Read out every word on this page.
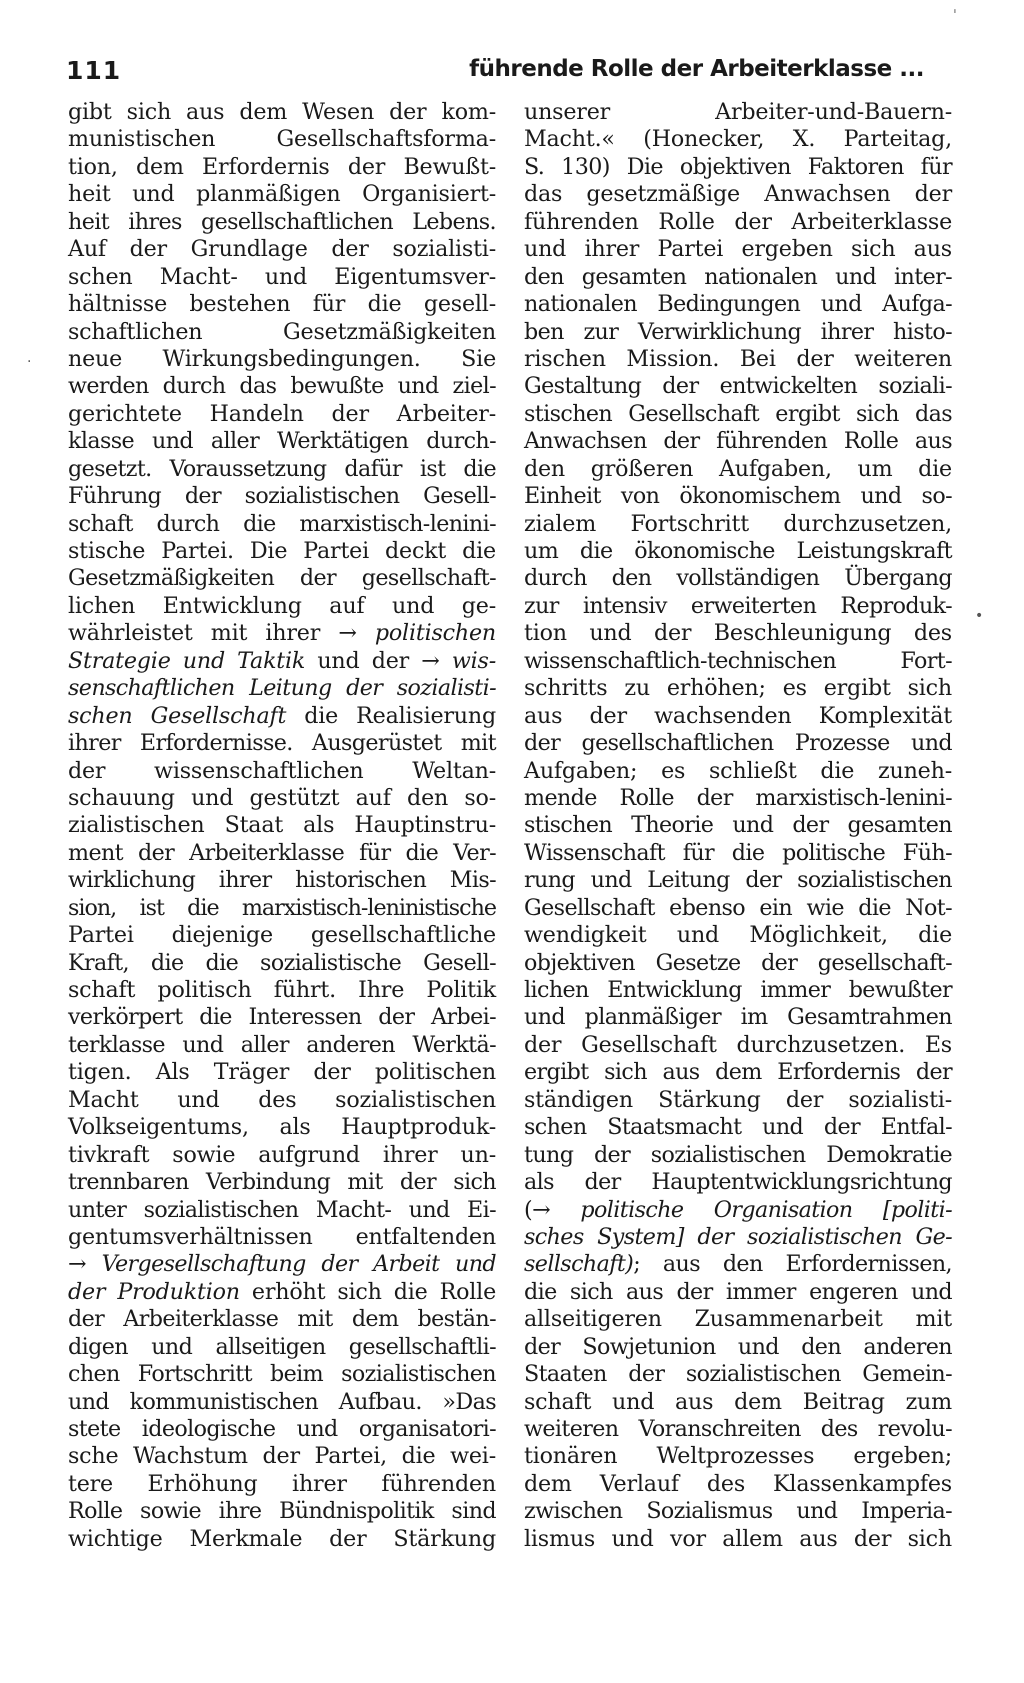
111	führende Rolle der Arbeiterklasse ...
gibt sich aus dem Wesen der kom-
munistischen Gesellschaftsforma-
tion, dem Erfordernis der Bewußt-
heit und planmäßigen Organisiert-
heit ihres gesellschaftlichen Lebens.
Auf der Grundlage der sozialisti-
schen Macht- und Eigentumsver-
hältnisse bestehen für die gesell-
schaftlichen Gesetzmäßigkeiten
neue Wirkungsbedingungen. Sie
werden durch das bewußte und ziel-
gerichtete Handeln der Arbeiter-
klasse und aller Werktätigen durch-
gesetzt. Voraussetzung dafür ist die
Führung der sozialistischen Gesell-
schaft durch die marxistisch-lenini-
stische Partei. Die Partei deckt die
Gesetzmäßigkeiten der gesellschaft-
lichen Entwicklung auf und ge-
währleistet mit ihrer → politischen
Strategie und Taktik und der → wis-
senschaftlichen Leitung der sozialisti-
schen Gesellschaft die Realisierung
ihrer Erfordernisse. Ausgerüstet mit
der wissenschaftlichen Weltan-
schauung und gestützt auf den so-
zialistischen Staat als Hauptinstru-
ment der Arbeiterklasse für die Ver-
wirklichung ihrer historischen Mis-
sion, ist die marxistisch-leninistische
Partei diejenige gesellschaftliche
Kraft, die die sozialistische Gesell-
schaft politisch führt. Ihre Politik
verkörpert die Interessen der Arbei-
terklasse und aller anderen Werktä-
tigen. Als Träger der politischen
Macht und des sozialistischen
Volkseigentums, als Hauptproduk-
tivkraft sowie aufgrund ihrer un-
trennbaren Verbindung mit der sich
unter sozialistischen Macht- und Ei-
gentumsverhältnissen entfaltenden
→ Vergesellschaftung der Arbeit und
der Produktion erhöht sich die Rolle
der Arbeiterklasse mit dem bestän-
digen und allseitigen gesellschaftli-
chen Fortschritt beim sozialistischen
und kommunistischen Aufbau. »Das
stete ideologische und organisatori-
sche Wachstum der Partei, die wei-
tere Erhöhung ihrer führenden
Rolle sowie ihre Bündnispolitik sind
wichtige Merkmale der Stärkung
unserer Arbeiter-und-Bauern-
Macht.« (Honecker, X. Parteitag,
S. 130) Die objektiven Faktoren für
das gesetzmäßige Anwachsen der
führenden Rolle der Arbeiterklasse
und ihrer Partei ergeben sich aus
den gesamten nationalen und inter-
nationalen Bedingungen und Aufga-
ben zur Verwirklichung ihrer histo-
rischen Mission. Bei der weiteren
Gestaltung der entwickelten soziali-
stischen Gesellschaft ergibt sich das
Anwachsen der führenden Rolle aus
den größeren Aufgaben, um die
Einheit von ökonomischem und so-
zialem Fortschritt durchzusetzen,
um die ökonomische Leistungskraft
durch den vollständigen Übergang
zur intensiv erweiterten Reproduk-
tion und der Beschleunigung des
wissenschaftlich-technischen Fort-
schritts zu erhöhen; es ergibt sich
aus der wachsenden Komplexität
der gesellschaftlichen Prozesse und
Aufgaben; es schließt die zuneh-
mende Rolle der marxistisch-lenini-
stischen Theorie und der gesamten
Wissenschaft für die politische Füh-
rung und Leitung der sozialistischen
Gesellschaft ebenso ein wie die Not-
wendigkeit und Möglichkeit, die
objektiven Gesetze der gesellschaft-
lichen Entwicklung immer bewußter
und planmäßiger im Gesamtrahmen
der Gesellschaft durchzusetzen. Es
ergibt sich aus dem Erfordernis der
ständigen Stärkung der sozialisti-
schen Staatsmacht und der Entfal-
tung der sozialistischen Demokratie
als der Hauptentwicklungsrichtung
(→ politische Organisation [politi-
sches System] der sozialistischen Ge-
sellschaft); aus den Erfordernissen,
die sich aus der immer engeren und
allseitigeren Zusammenarbeit mit
der Sowjetunion und den anderen
Staaten der sozialistischen Gemein-
schaft und aus dem Beitrag zum
weiteren Voranschreiten des revolu-
tionären Weltprozesses ergeben;
dem Verlauf des Klassenkampfes
zwischen Sozialismus und Imperia-
lismus und vor allem aus der sich
ˈ
•
·
